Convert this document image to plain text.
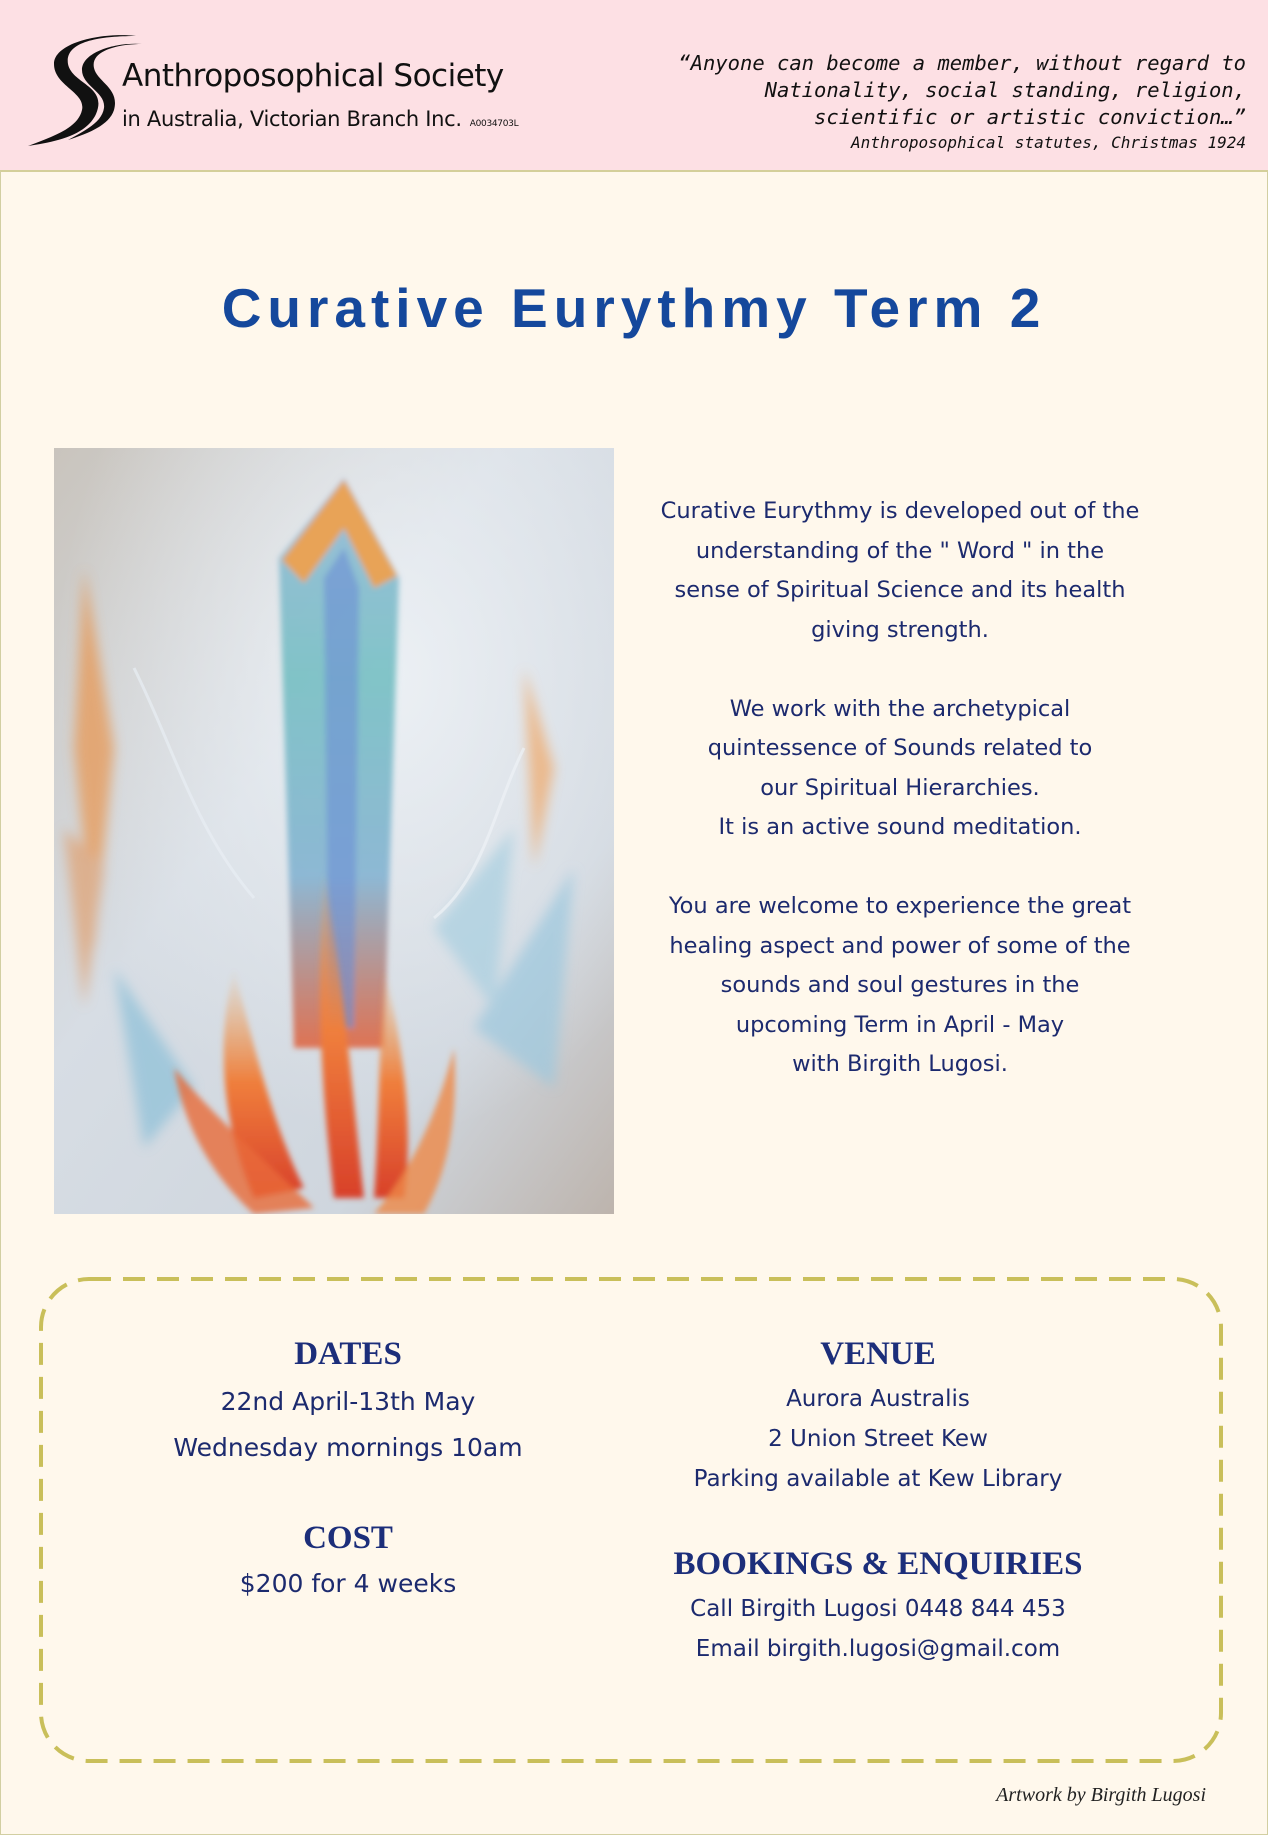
Anthroposophical Society
in Australia, Victorian Branch Inc. A0034703L
“Anyone can become a member, without regard to
Nationality, social standing, religion,
scientific or artistic conviction…”
Anthroposophical statutes, Christmas 1924
Curative Eurythmy Term 2

Curative Eurythmy is developed out of the
understanding of the " Word " in the
sense of Spiritual Science and its health
giving strength.

We work with the archetypical
quintessence of Sounds related to
our Spiritual Hierarchies.
It is an active sound meditation.

You are welcome to experience the great
healing aspect and power of some of the
sounds and soul gestures in the
upcoming Term in April - May
with Birgith Lugosi.

DATES
22nd April-13th May
Wednesday mornings 10am
COST
$200 for 4 weeks
VENUE
Aurora Australis
2 Union Street Kew
Parking available at Kew Library
BOOKINGS & ENQUIRIES
Call Birgith Lugosi 0448 844 453
Email birgith.lugosi@gmail.com
Artwork by Birgith Lugosi
